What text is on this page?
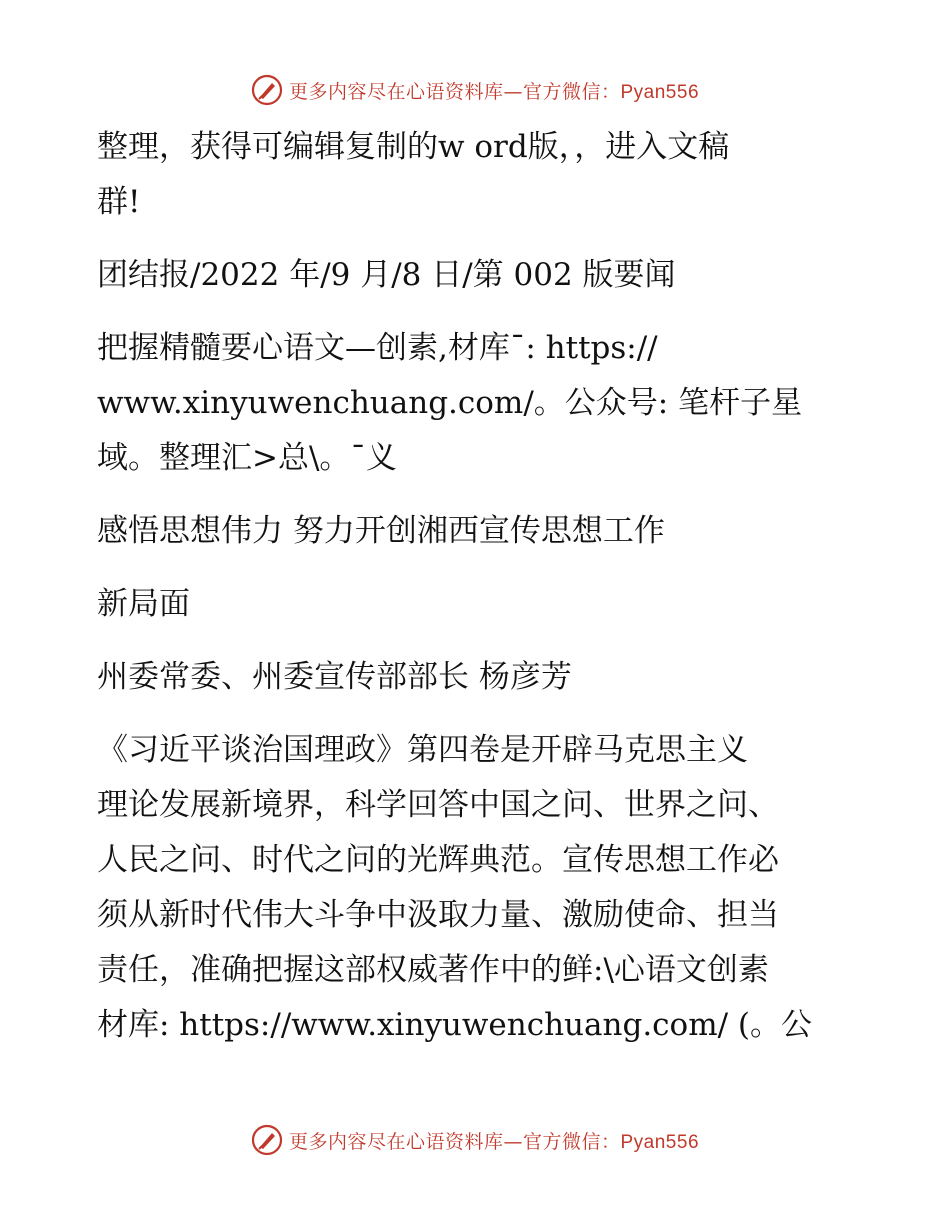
更多内容尽在心语资料库—官方微信：Pyan556
整理，获得可编辑复制的w ord版，，进入文稿
群!
团结报/2022 年/9 月/8 日/第 002 版要闻
把握精髓要心语文—创素,材库¯: https://
www.xinyuwenchuang.com/。公众号: 笔杆子星
域。整理汇>总\。¯义
感悟思想伟力 努力开创湘西宣传思想工作
新局面
州委常委、州委宣传部部长 杨彦芳
《习近平谈治国理政》第四卷是开辟马克思主义
理论发展新境界，科学回答中国之问、世界之问、
人民之问、时代之问的光辉典范。宣传思想工作必
须从新时代伟大斗争中汲取力量、激励使命、担当
责任，准确把握这部权威著作中的鲜:\心语文创素
材库: https://www.xinyuwenchuang.com/ (。公
更多内容尽在心语资料库—官方微信：Pyan556
